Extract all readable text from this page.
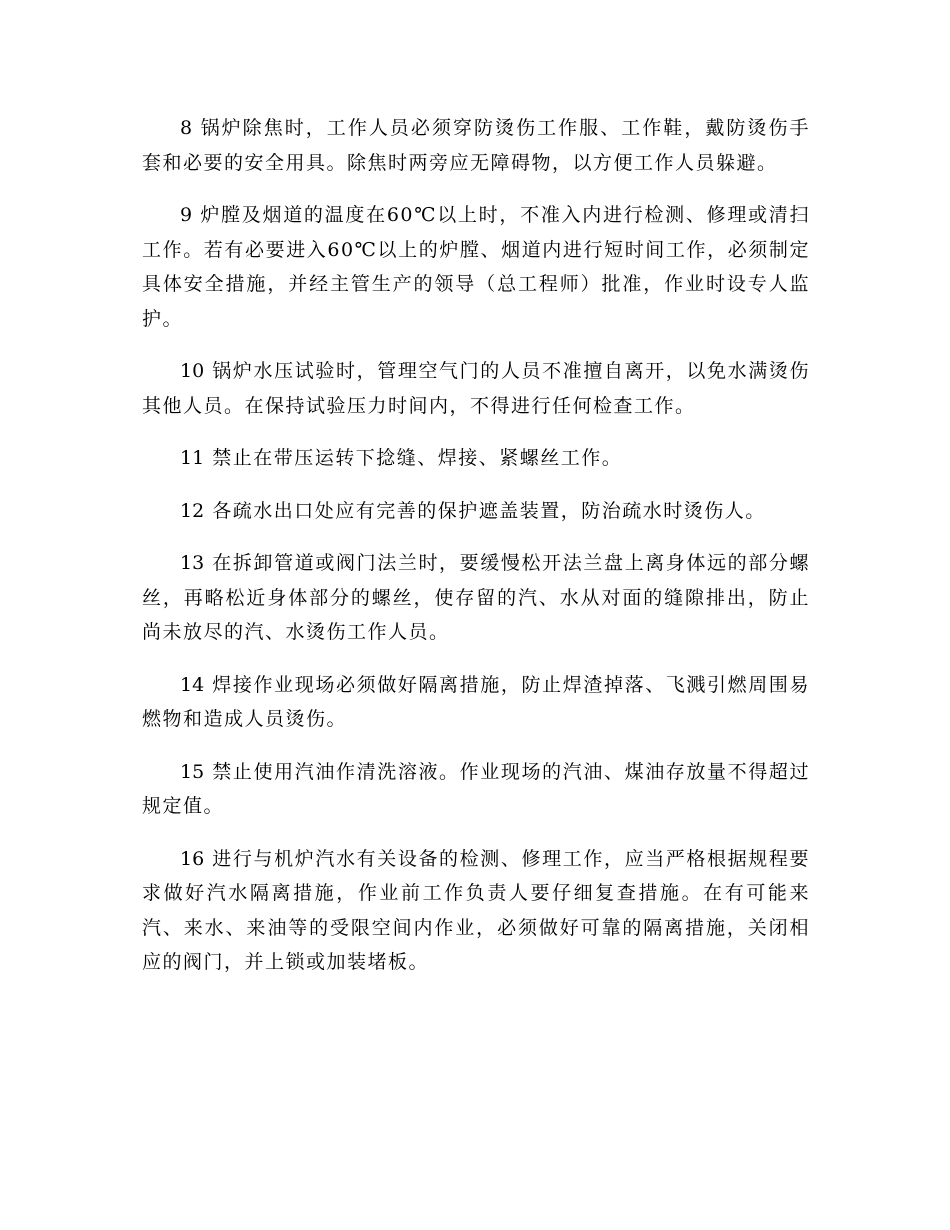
8 锅炉除焦时，工作人员必须穿防烫伤工作服、工作鞋，戴防烫伤手套和必要的安全用具。除焦时两旁应无障碍物，以方便工作人员躲避。

9 炉膛及烟道的温度在60℃以上时，不准入内进行检测、修理或清扫工作。若有必要进入60℃以上的炉膛、烟道内进行短时间工作，必须制定具体安全措施，并经主管生产的领导（总工程师）批准，作业时设专人监护。

10 锅炉水压试验时，管理空气门的人员不准擅自离开，以免水满烫伤其他人员。在保持试验压力时间内，不得进行任何检查工作。

11 禁止在带压运转下捻缝、焊接、紧螺丝工作。

12 各疏水出口处应有完善的保护遮盖装置，防治疏水时烫伤人。

13 在拆卸管道或阀门法兰时，要缓慢松开法兰盘上离身体远的部分螺丝，再略松近身体部分的螺丝，使存留的汽、水从对面的缝隙排出，防止尚未放尽的汽、水烫伤工作人员。

14 焊接作业现场必须做好隔离措施，防止焊渣掉落、飞溅引燃周围易燃物和造成人员烫伤。

15 禁止使用汽油作清洗溶液。作业现场的汽油、煤油存放量不得超过规定值。

16 进行与机炉汽水有关设备的检测、修理工作，应当严格根据规程要求做好汽水隔离措施，作业前工作负责人要仔细复查措施。在有可能来汽、来水、来油等的受限空间内作业，必须做好可靠的隔离措施，关闭相应的阀门，并上锁或加装堵板。
